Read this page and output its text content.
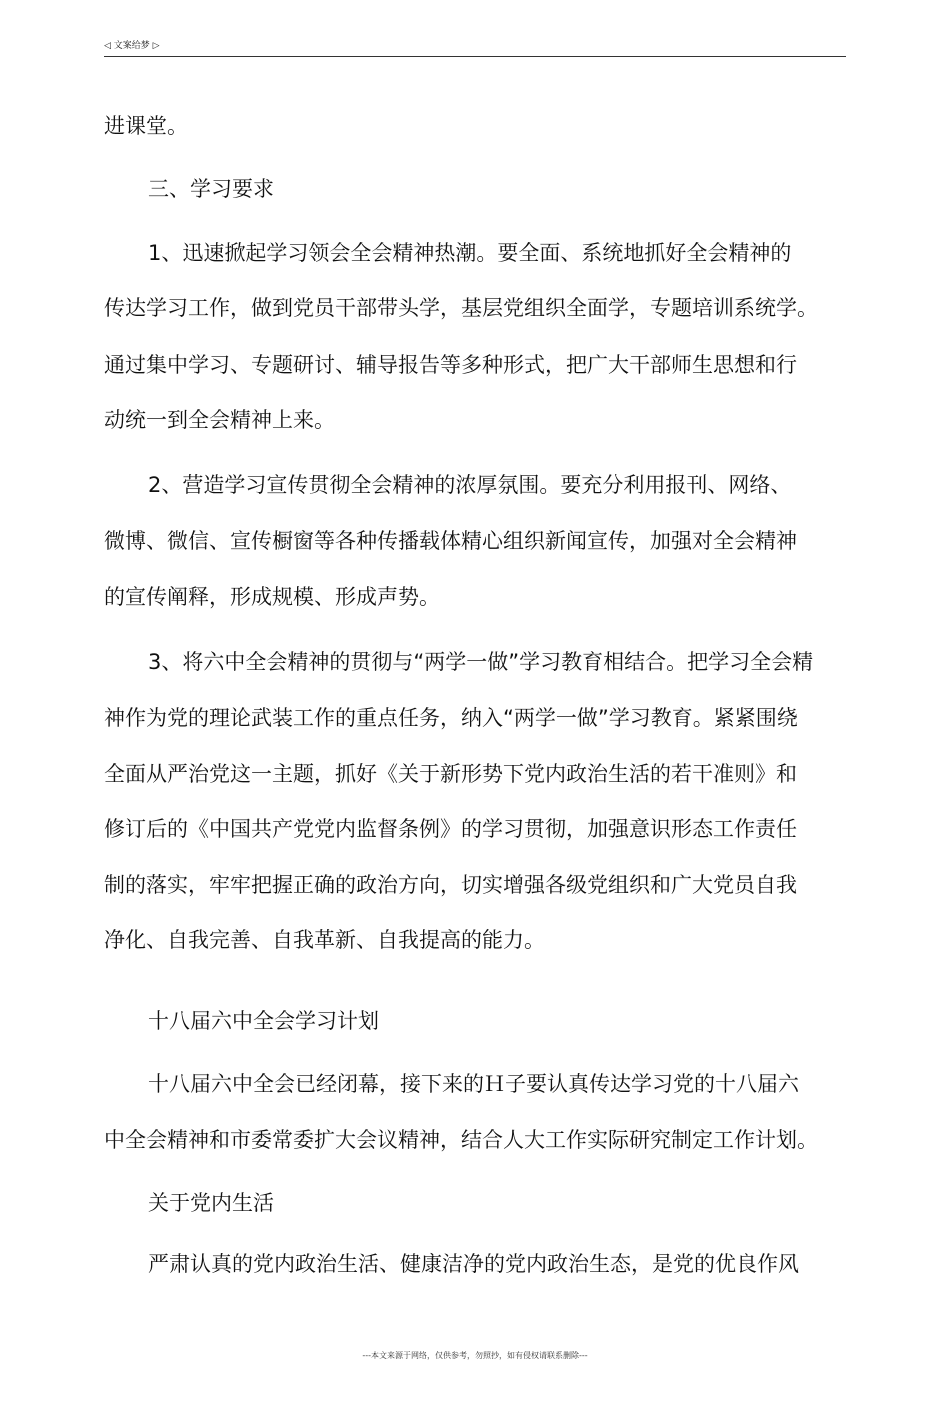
◁ 文案给梦 ▷
进课堂。
三、学习要求
1、迅速掀起学习领会全会精神热潮。要全面、系统地抓好全会精神的
传达学习工作，做到党员干部带头学，基层党组织全面学，专题培训系统学。
通过集中学习、专题研讨、辅导报告等多种形式，把广大干部师生思想和行
动统一到全会精神上来。
2、营造学习宣传贯彻全会精神的浓厚氛围。要充分利用报刊、网络、
微博、微信、宣传橱窗等各种传播载体精心组织新闻宣传，加强对全会精神
的宣传阐释，形成规模、形成声势。
3、将六中全会精神的贯彻与“两学一做”学习教育相结合。把学习全会精
神作为党的理论武装工作的重点任务，纳入“两学一做”学习教育。紧紧围绕
全面从严治党这一主题，抓好《关于新形势下党内政治生活的若干准则》和
修订后的《中国共产党党内监督条例》的学习贯彻，加强意识形态工作责任
制的落实，牢牢把握正确的政治方向，切实增强各级党组织和广大党员自我
净化、自我完善、自我革新、自我提高的能力。
十八届六中全会学习计划
十八届六中全会已经闭幕，接下来的Ｈ子要认真传达学习党的十八届六
中全会精神和市委常委扩大会议精神，结合人大工作实际研究制定工作计划。
关于党内生活
严肃认真的党内政治生活、健康洁净的党内政治生态，是党的优良作风
---本文来源于网络，仅供参考，勿照抄，如有侵权请联系删除---
